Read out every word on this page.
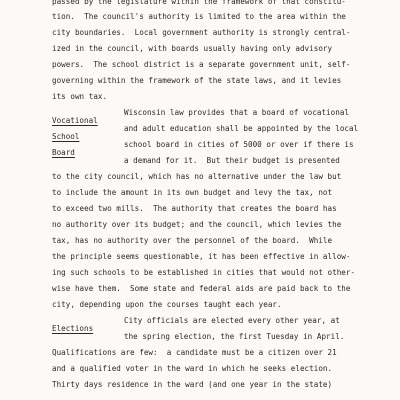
passed by the legislature within the framework of that constitu-
tion.  The council's authority is limited to the area within the
city boundaries.  Local government authority is strongly central-
ized in the council, with boards usually having only advisory
powers.  The school district is a separate government unit, self-
governing within the framework of the state laws, and it levies
its own tax.
Vocational
School
Board
Wisconsin law provides that a board of vocational
and adult education shall be appointed by the local
school board in cities of 5000 or over if there is
a demand for it.  But their budget is presented
to the city council, which has no alternative under the law but
to include the amount in its own budget and levy the tax, not
to exceed two mills.  The authority that creates the board has
no authority over its budget; and the council, which levies the
tax, has no authority over the personnel of the board.  While
the principle seems questionable, it has been effective in allow-
ing such schools to be established in cities that would not other-
wise have them.  Some state and federal aids are paid back to the
city, depending upon the courses taught each year.
Elections
City officials are elected every other year, at
the spring election, the first Tuesday in April.
Qualifications are few:  a candidate must be a citizen over 21
and a qualified voter in the ward in which he seeks election.
Thirty days residence in the ward (and one year in the state)
